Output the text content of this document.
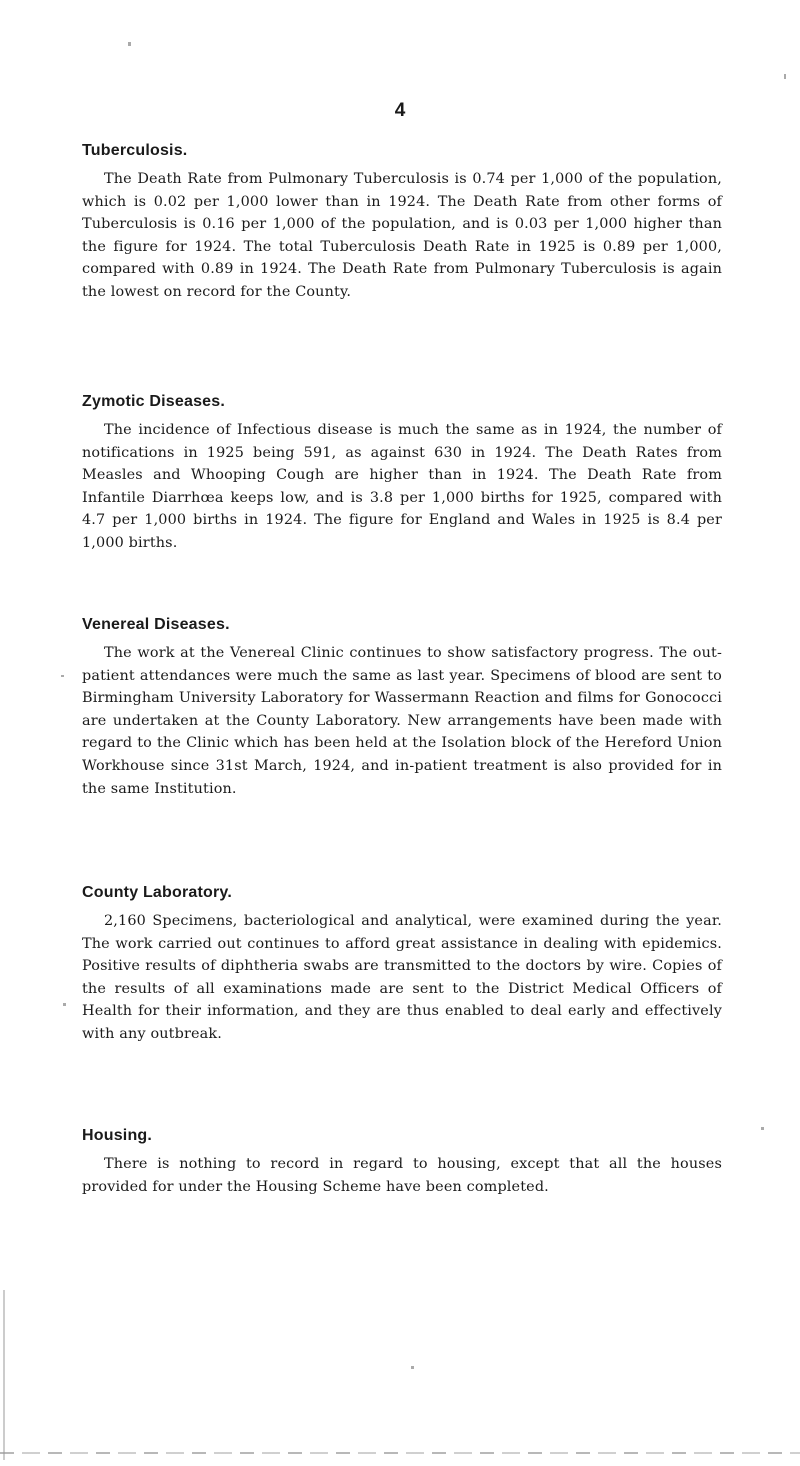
4
Tuberculosis.

The Death Rate from Pulmonary Tuberculosis is 0.74 per 1,000 of the population, which is 0.02 per 1,000 lower than in 1924. The Death Rate from other forms of Tuberculosis is 0.16 per 1,000 of the population, and is 0.03 per 1,000 higher than the figure for 1924. The total Tuberculosis Death Rate in 1925 is 0.89 per 1,000, compared with 0.89 in 1924. The Death Rate from Pulmonary Tuberculosis is again the lowest on record for the County.

Zymotic Diseases.

The incidence of Infectious disease is much the same as in 1924, the number of notifications in 1925 being 591, as against 630 in 1924. The Death Rates from Measles and Whooping Cough are higher than in 1924. The Death Rate from Infantile Diarrhœa keeps low, and is 3.8 per 1,000 births for 1925, compared with 4.7 per 1,000 births in 1924. The figure for England and Wales in 1925 is 8.4 per 1,000 births.

Venereal Diseases.

The work at the Venereal Clinic continues to show satisfactory progress. The out-patient attendances were much the same as last year. Specimens of blood are sent to Birmingham University Laboratory for Wassermann Reaction and films for Gonococci are undertaken at the County Laboratory. New arrangements have been made with regard to the Clinic which has been held at the Isolation block of the Hereford Union Workhouse since 31st March, 1924, and in-patient treatment is also provided for in the same Institution.

County Laboratory.

2,160 Specimens, bacteriological and analytical, were examined during the year. The work carried out continues to afford great assistance in dealing with epidemics. Positive results of diphtheria swabs are transmitted to the doctors by wire. Copies of the results of all examinations made are sent to the District Medical Officers of Health for their information, and they are thus enabled to deal early and effectively with any outbreak.

Housing.

There is nothing to record in regard to housing, except that all the houses provided for under the Housing Scheme have been completed.
